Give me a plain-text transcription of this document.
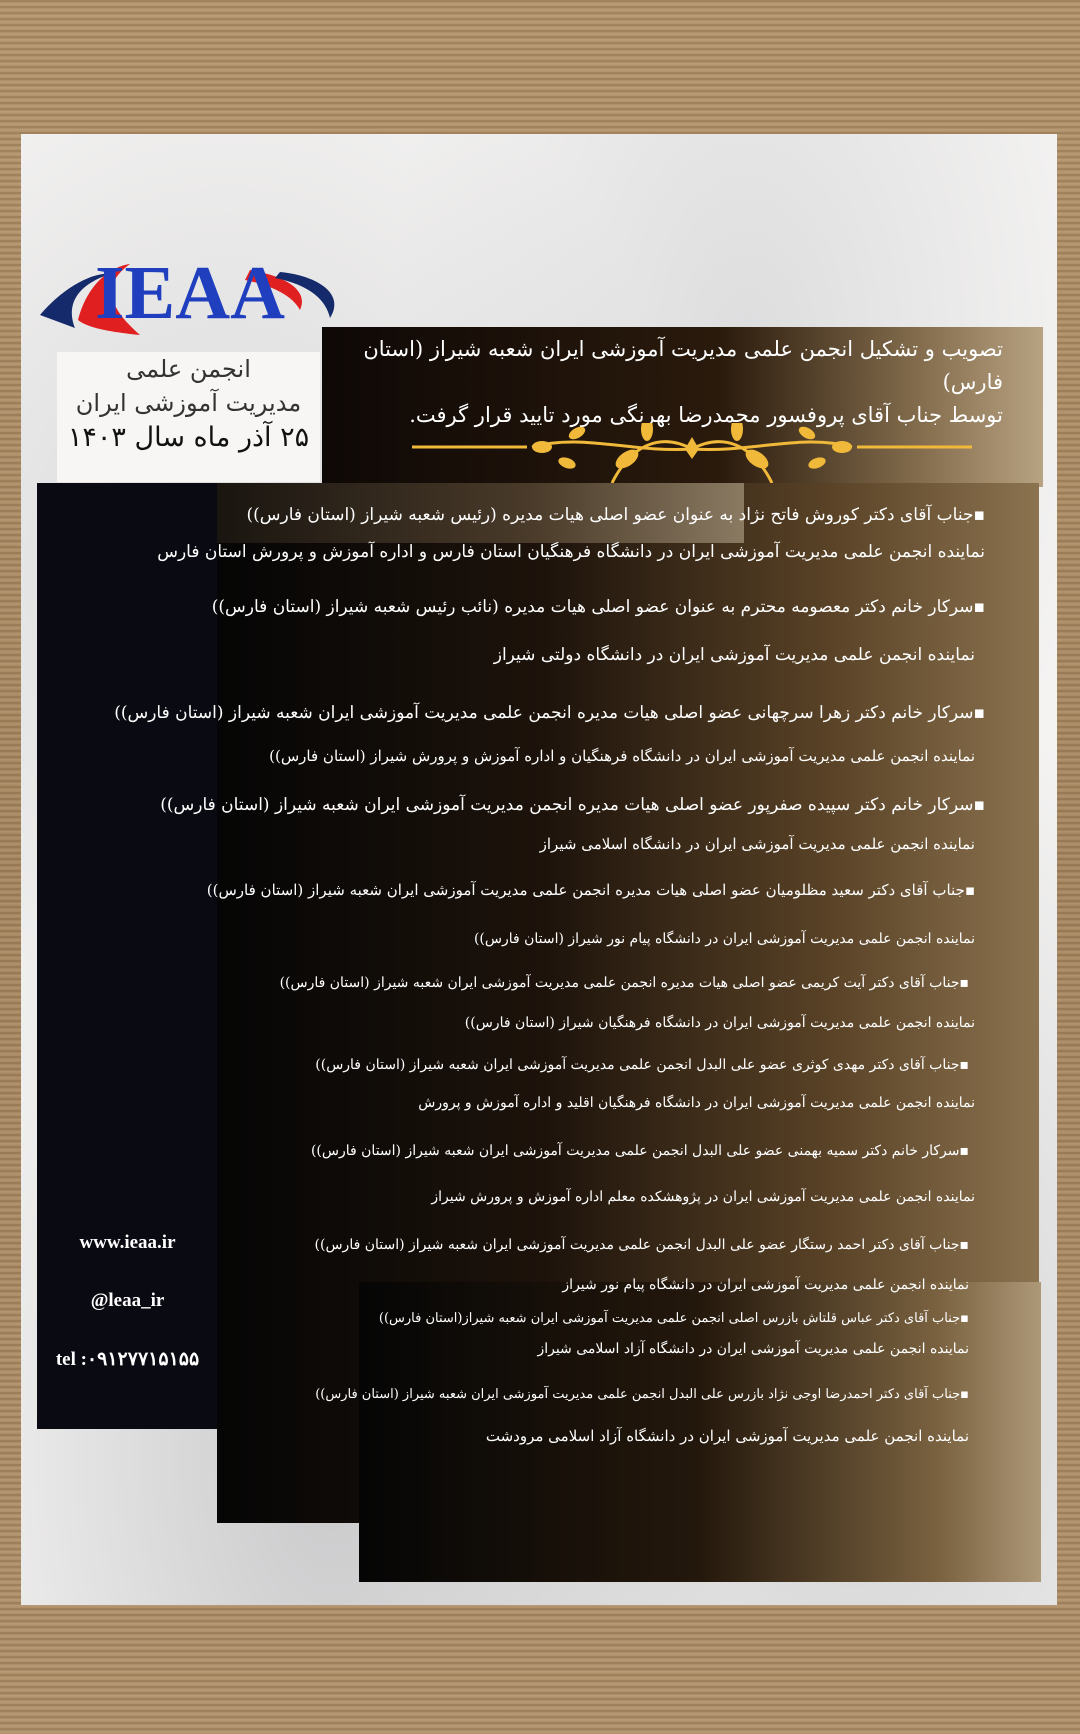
IEAA
انجمن علمی
مدیریت آموزشی ایران
۲۵ آذر ماه سال ۱۴۰۳
تصویب و تشکیل انجمن علمی مدیریت آموزشی ایران شعبه شیراز (استان فارس)
توسط جناب آقای پروفسور محمدرضا بهرنگی مورد تایید قرار گرفت.
www.ieaa.ir
@leaa_ir
tel :۰۹۱۲۷۷۱۵۱۵۵
▪جناب آقای دکتر کوروش فاتح نژاد به عنوان عضو اصلی هیات مدیره (رئیس شعبه شیراز (استان فارس))
نماینده انجمن علمی مدیریت آموزشی ایران در دانشگاه فرهنگیان استان فارس و اداره آموزش و پرورش استان فارس
▪سرکار خانم دکتر معصومه محترم به عنوان عضو اصلی هیات مدیره (نائب رئیس شعبه شیراز (استان فارس))
نماینده انجمن علمی مدیریت آموزشی ایران در دانشگاه دولتی شیراز
▪سرکار خانم دکتر زهرا سرچهانی عضو اصلی هیات مدیره انجمن علمی مدیریت آموزشی ایران شعبه شیراز (استان فارس))
نماینده انجمن علمی مدیریت آموزشی ایران در دانشگاه فرهنگیان و اداره آموزش و پرورش شیراز (استان فارس))
▪سرکار خانم دکتر سپیده صفرپور عضو اصلی هیات مدیره انجمن مدیریت آموزشی ایران شعبه شیراز (استان فارس))
نماینده انجمن علمی مدیریت آموزشی ایران در دانشگاه اسلامی شیراز
▪جناب آقای دکتر سعید مظلومیان عضو اصلی هیات مدیره انجمن علمی مدیریت آموزشی ایران شعبه شیراز (استان فارس))
نماینده انجمن علمی مدیریت آموزشی ایران در دانشگاه پیام نور شیراز (استان فارس))
▪جناب آقای دکتر آیت کریمی عضو اصلی هیات مدیره انجمن علمی مدیریت آموزشی ایران شعبه شیراز (استان فارس))
نماینده انجمن علمی مدیریت آموزشی ایران در دانشگاه فرهنگیان شیراز (استان فارس))
▪جناب آقای دکتر مهدی کوثری عضو علی البدل انجمن علمی مدیریت آموزشی ایران شعبه شیراز (استان فارس))
نماینده انجمن علمی مدیریت آموزشی ایران در دانشگاه فرهنگیان اقلید و اداره آموزش و پرورش
▪سرکار خانم دکتر سمیه بهمنی عضو علی البدل انجمن علمی مدیریت آموزشی ایران شعبه شیراز (استان فارس))
نماینده انجمن علمی مدیریت آموزشی ایران در پژوهشکده معلم اداره آموزش و پرورش شیراز
▪جناب آقای دکتر احمد رستگار عضو علی البدل انجمن علمی مدیریت آموزشی ایران شعبه شیراز (استان فارس))
نماینده انجمن علمی مدیریت آموزشی ایران در دانشگاه پیام نور شیراز
▪جناب آقای دکتر عباس قلتاش بازرس اصلی انجمن علمی مدیریت آموزشی ایران شعبه شیراز(استان فارس))
نماینده انجمن علمی مدیریت آموزشی ایران در دانشگاه آزاد اسلامی شیراز
▪جناب آقای دکتر احمدرضا اوجی نژاد بازرس علی البدل انجمن علمی مدیریت آموزشی ایران شعبه شیراز (استان فارس))
نماینده انجمن علمی مدیریت آموزشی ایران در دانشگاه آزاد اسلامی مرودشت
